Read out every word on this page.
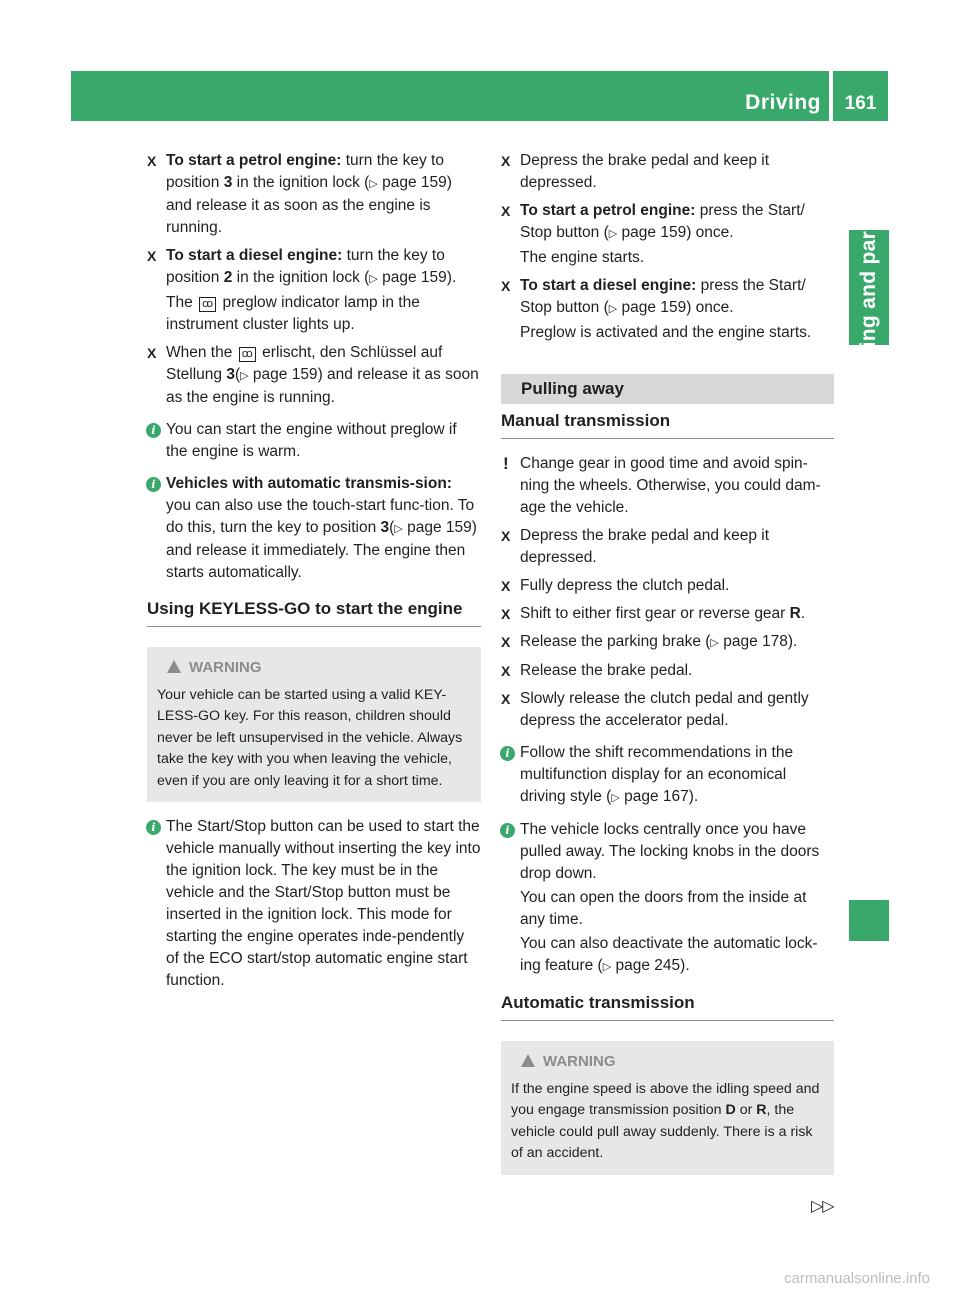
Driving	161
Driving and parking
X To start a petrol engine: turn the key to position 3 in the ignition lock (▷ page 159) and release it as soon as the engine is running.
X To start a diesel engine: turn the key to position 2 in the ignition lock (▷ page 159).
The ꝏ preglow indicator lamp in the instrument cluster lights up.
X When the ꝏ erlischt, den Schlüssel auf Stellung 3(▷ page 159) and release it as soon as the engine is running.
i You can start the engine without preglow if the engine is warm.
i Vehicles with automatic transmis-sion: you can also use the touch-start func-tion. To do this, turn the key to position 3(▷ page 159) and release it immediately. The engine then starts automatically.
Using KEYLESS-GO to start the engine
WARNING
Your vehicle can be started using a valid KEY-LESS-GO key. For this reason, children should never be left unsupervised in the vehicle. Always take the key with you when leaving the vehicle, even if you are only leaving it for a short time.
i The Start/Stop button can be used to start the vehicle manually without inserting the key into the ignition lock. The key must be in the vehicle and the Start/Stop button must be inserted in the ignition lock. This mode for starting the engine operates inde-pendently of the ECO start/stop automatic engine start function.
X Depress the brake pedal and keep it depressed.
X To start a petrol engine: press the Start/ Stop button (▷ page 159) once.
The engine starts.
X To start a diesel engine: press the Start/ Stop button (▷ page 159) once.
Preglow is activated and the engine starts.
Pulling away
Manual transmission
! Change gear in good time and avoid spin-ning the wheels. Otherwise, you could dam-age the vehicle.
X Depress the brake pedal and keep it depressed.
X Fully depress the clutch pedal.
X Shift to either first gear or reverse gear R.
X Release the parking brake (▷ page 178).
X Release the brake pedal.
X Slowly release the clutch pedal and gently depress the accelerator pedal.
i Follow the shift recommendations in the multifunction display for an economical driving style (▷ page 167).
i The vehicle locks centrally once you have pulled away. The locking knobs in the doors drop down.
You can open the doors from the inside at any time.
You can also deactivate the automatic lock-ing feature (▷ page 245).
Automatic transmission
WARNING
If the engine speed is above the idling speed and you engage transmission position D or R, the vehicle could pull away suddenly. There is a risk of an accident.
▷▷
carmanualsonline.info
